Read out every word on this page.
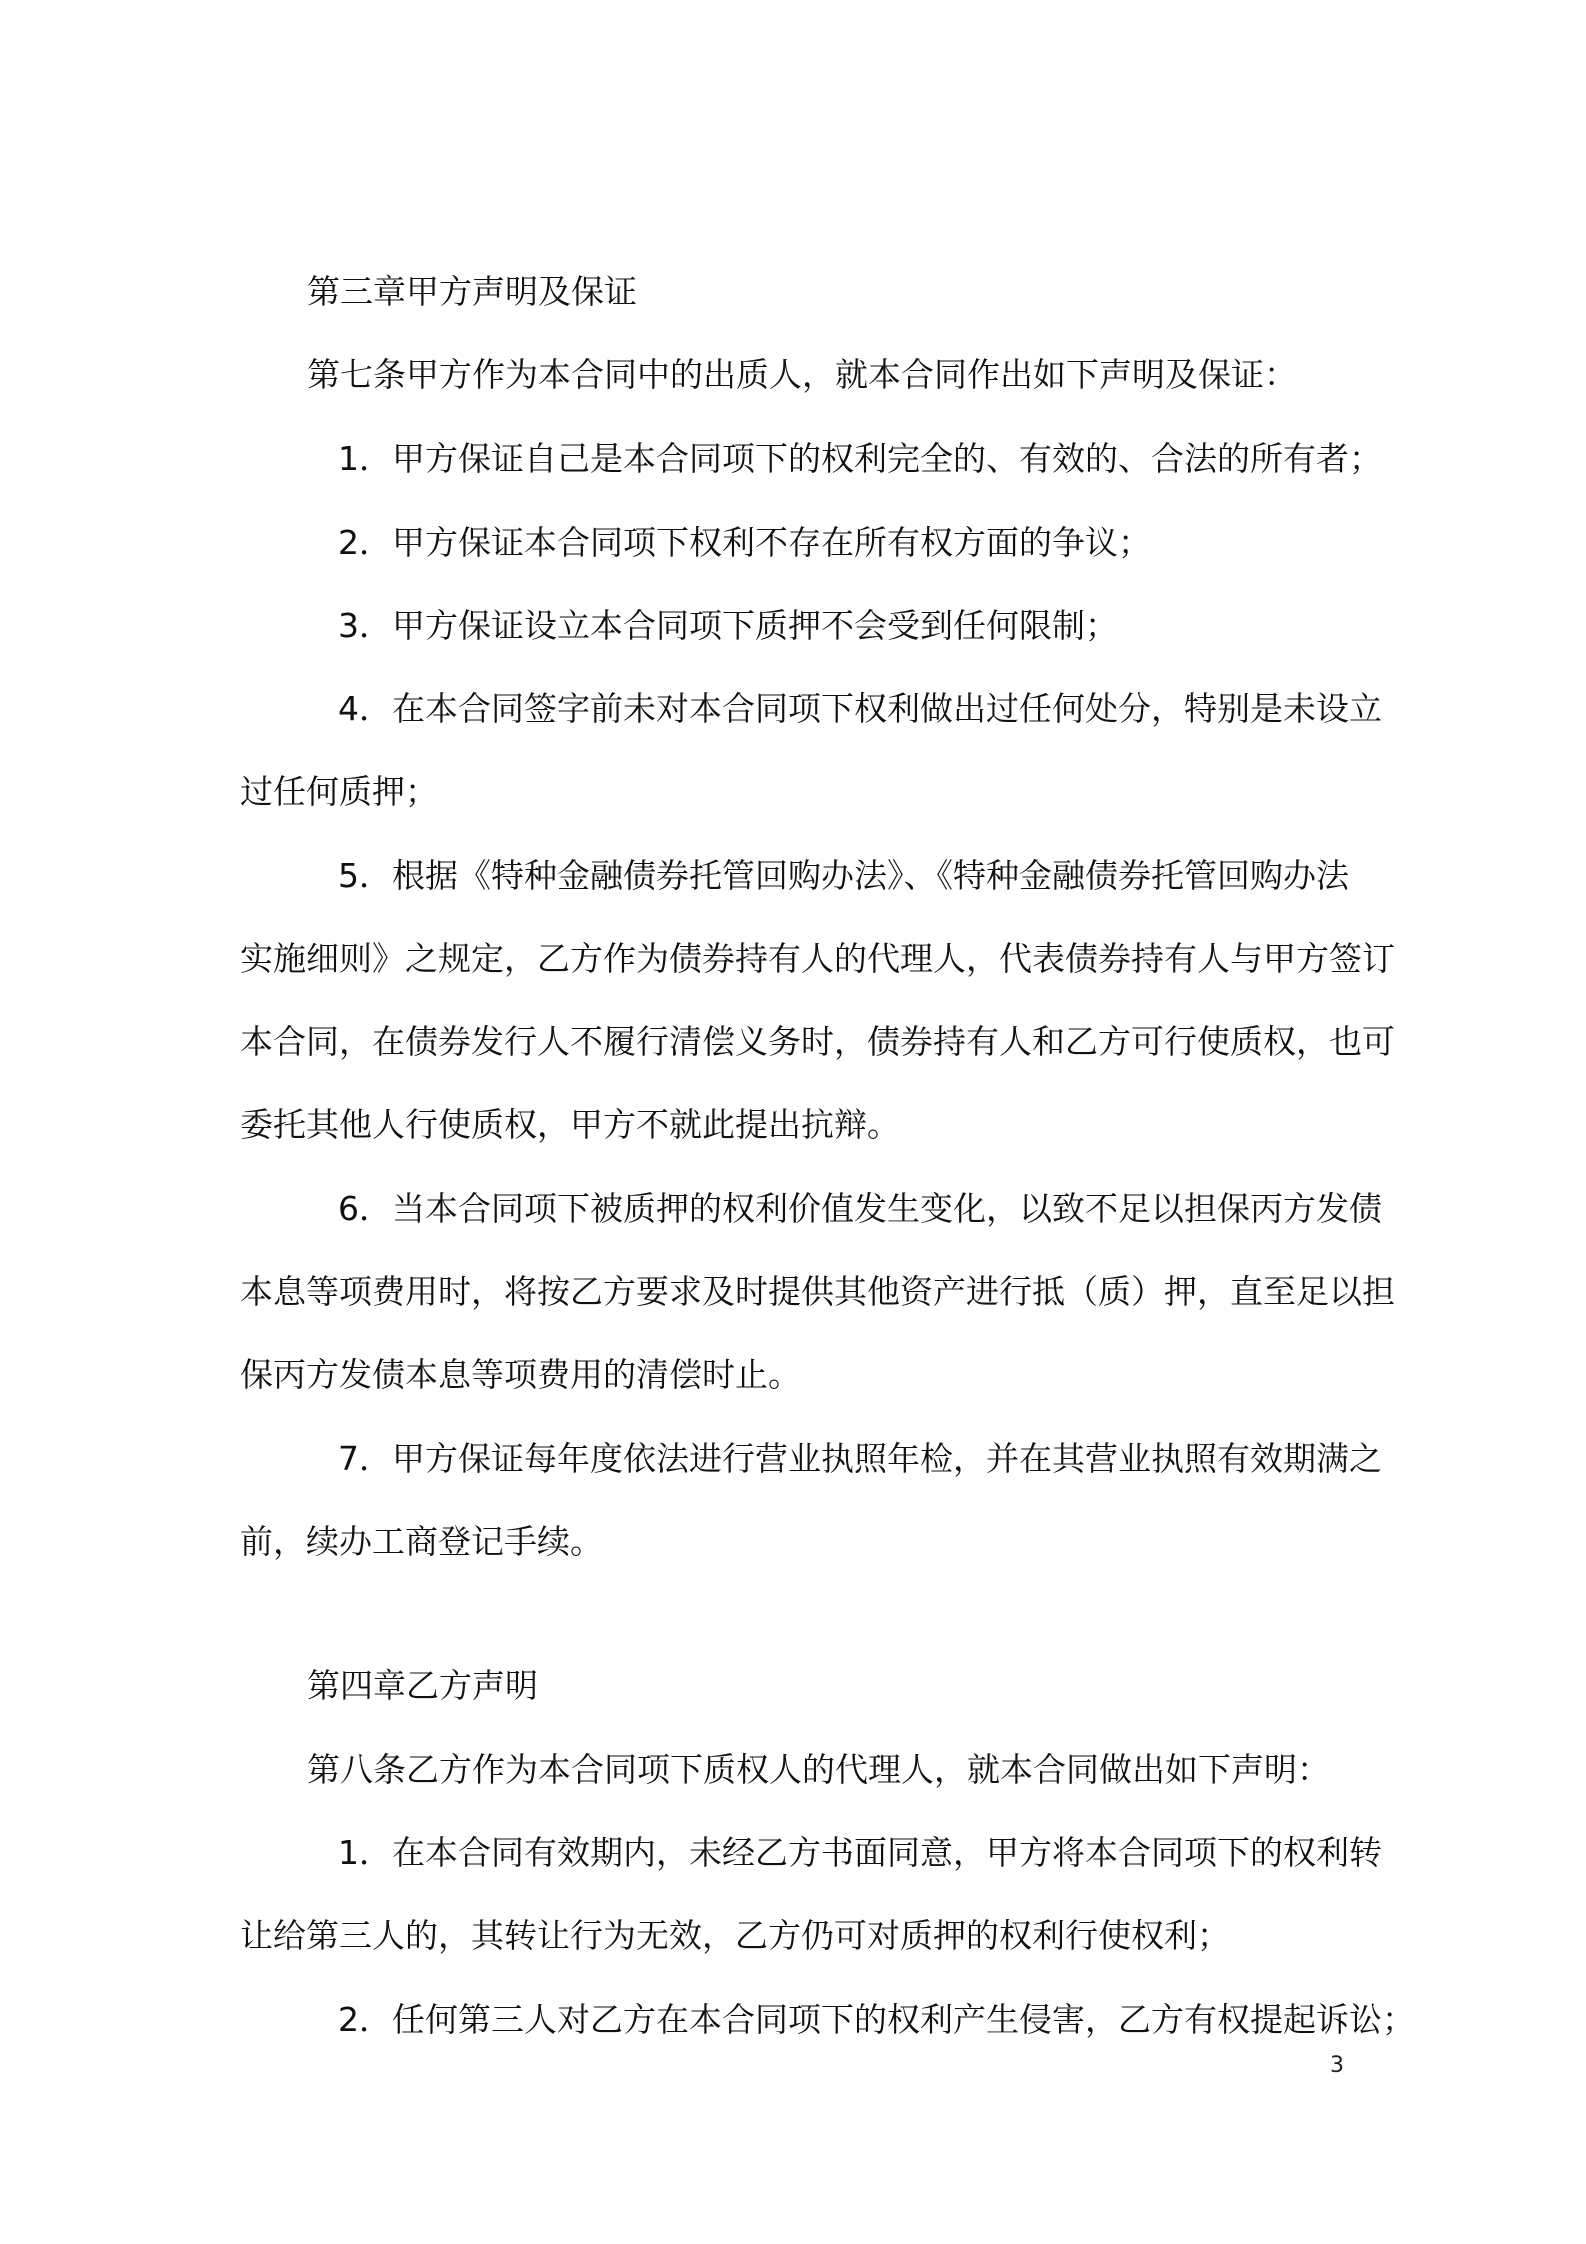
第三章甲方声明及保证

第七条甲方作为本合同中的出质人，就本合同作出如下声明及保证：

1．甲方保证自己是本合同项下的权利完全的、有效的、合法的所有者；

2．甲方保证本合同项下权利不存在所有权方面的争议；

3．甲方保证设立本合同项下质押不会受到任何限制；

4．在本合同签字前未对本合同项下权利做出过任何处分，特别是未设立

过任何质押；

5．根据《特种金融债券托管回购办法》、《特种金融债券托管回购办法

实施细则》之规定，乙方作为债券持有人的代理人，代表债券持有人与甲方签订

本合同，在债券发行人不履行清偿义务时，债券持有人和乙方可行使质权，也可

委托其他人行使质权，甲方不就此提出抗辩。

6．当本合同项下被质押的权利价值发生变化，以致不足以担保丙方发债

本息等项费用时，将按乙方要求及时提供其他资产进行抵（质）押，直至足以担

保丙方发债本息等项费用的清偿时止。

7．甲方保证每年度依法进行营业执照年检，并在其营业执照有效期满之

前，续办工商登记手续。

第四章乙方声明

第八条乙方作为本合同项下质权人的代理人，就本合同做出如下声明：

1．在本合同有效期内，未经乙方书面同意，甲方将本合同项下的权利转

让给第三人的，其转让行为无效，乙方仍可对质押的权利行使权利；

2．任何第三人对乙方在本合同项下的权利产生侵害，乙方有权提起诉讼；

3
